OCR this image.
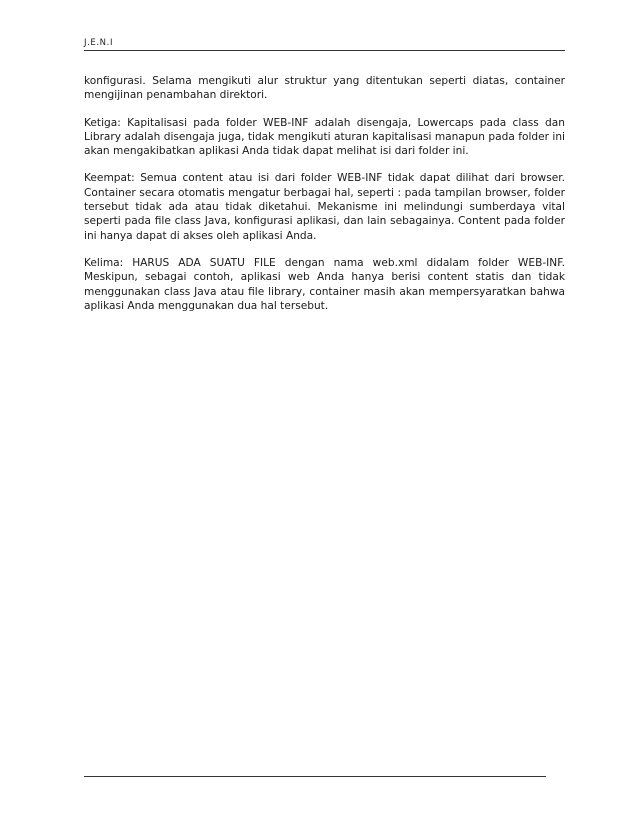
J.E.N.I

konfigurasi. Selama mengikuti alur struktur yang ditentukan seperti diatas, container mengijinan penambahan direktori.

Ketiga: Kapitalisasi pada folder WEB-INF adalah disengaja, Lowercaps pada class dan Library adalah disengaja juga, tidak mengikuti aturan kapitalisasi manapun pada folder ini akan mengakibatkan aplikasi Anda tidak dapat melihat isi dari folder ini.

Keempat: Semua content atau isi dari folder WEB-INF tidak dapat dilihat dari browser. Container secara otomatis mengatur berbagai hal, seperti : pada tampilan browser, folder tersebut tidak ada atau tidak diketahui. Mekanisme ini melindungi sumberdaya vital seperti pada file class Java, konfigurasi aplikasi, dan lain sebagainya. Content pada folder ini hanya dapat di akses oleh aplikasi Anda.

Kelima: HARUS ADA SUATU FILE dengan nama web.xml didalam folder WEB-INF. Meskipun, sebagai contoh, aplikasi web Anda hanya berisi content statis dan tidak menggunakan class Java atau file library, container masih akan mempersyaratkan bahwa aplikasi Anda menggunakan dua hal tersebut.
